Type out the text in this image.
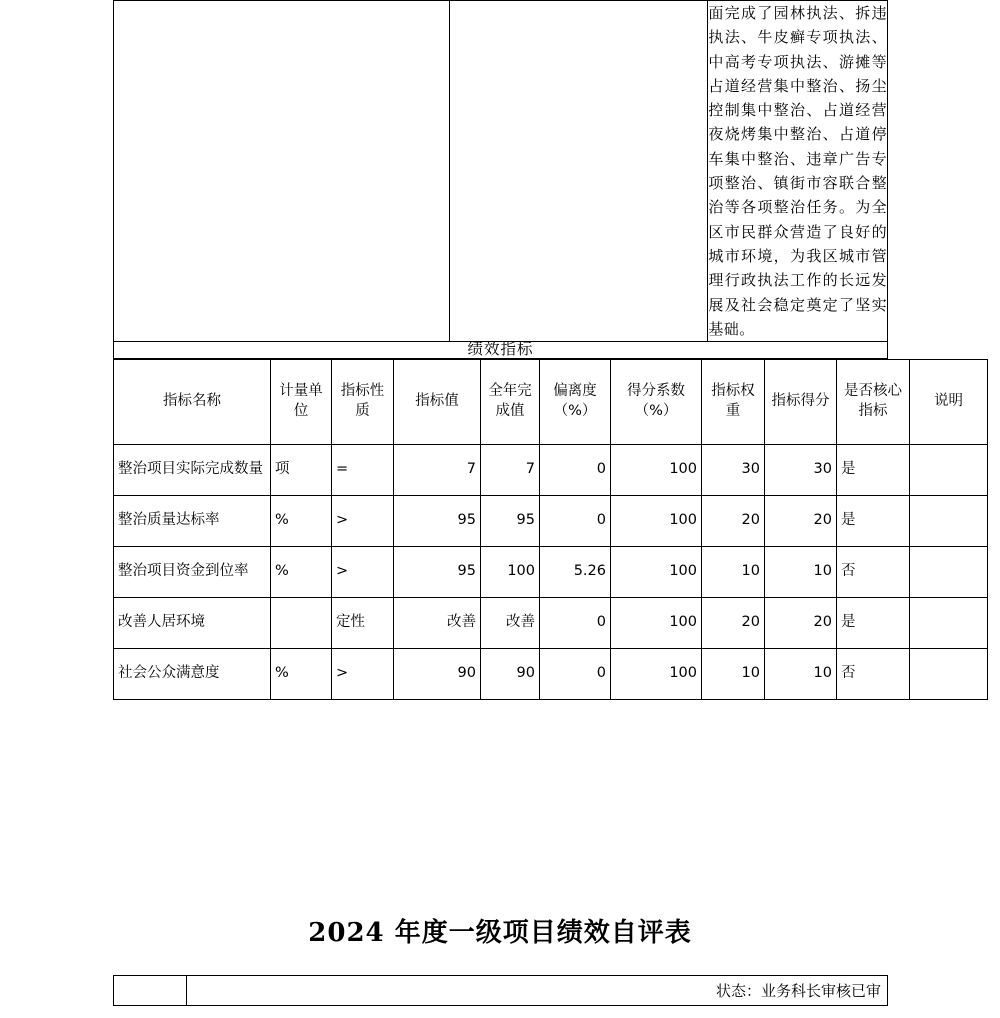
面完成了园林执法、拆违执法、牛皮癣专项执法、中高考专项执法、游摊等占道经营集中整治、扬尘控制集中整治、占道经营夜烧烤集中整治、占道停车集中整治、违章广告专项整治、镇街市容联合整治等各项整治任务。为全区市民群众营造了良好的城市环境，为我区城市管理行政执法工作的长远发展及社会稳定奠定了坚实基础。

绩效指标
指标名称	计量单位	指标性质	指标值	全年完成值	偏离度（%）	得分系数（%）	指标权重	指标得分	是否核心指标	说明
整治项目实际完成数量	项	=	7	7	0	100	30	30	是	
整治质量达标率	%	>	95	95	0	100	20	20	是	
整治项目资金到位率	%	>	95	100	5.26	100	10	10	否	
改善人居环境		定性	改善	改善	0	100	20	20	是	
社会公众满意度	%	>	90	90	0	100	10	10	否	
2024 年度一级项目绩效自评表
	状态：业务科长审核已审
